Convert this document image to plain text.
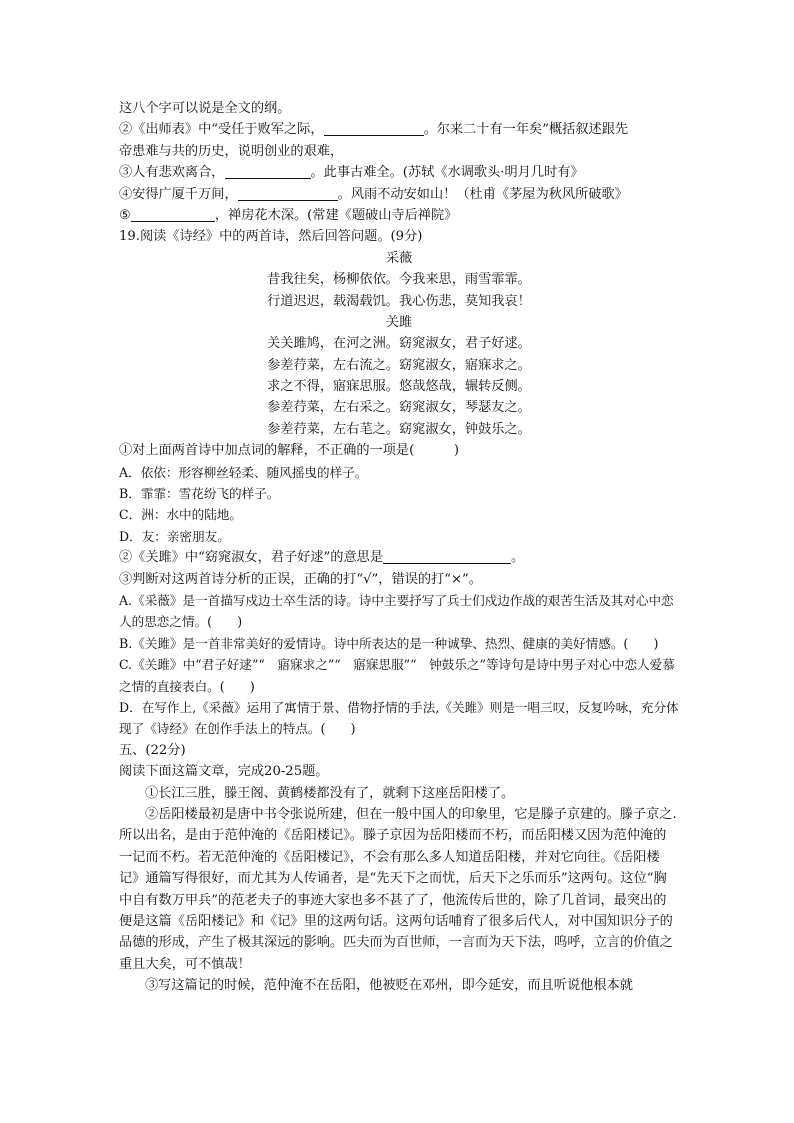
这八个字可以说是全文的纲。
②《出师表》中“受任于败军之际，	。尔来二十有一年矣”概括叙述跟先
帝患难与共的历史，说明创业的艰难，
③人有悲欢离合，	。此事古难全。(苏轼《水调歌头·明月几时有》
④安得广厦千万间，	。风雨不动安如山！（杜甫《茅屋为秋风所破歌》
⑤	，禅房花木深。(常建《题破山寺后禅院》
19.阅读《诗经》中的两首诗，然后回答问题。(9分)
采薇
昔我往矣，杨柳依依。今我来思，雨雪霏霏。
行道迟迟，载渴载饥。我心伤悲，莫知我哀！
关雎
关关雎鸠，在河之洲。窈窕淑女，君子好逑。
参差荇菜，左右流之。窈窕淑女，寤寐求之。
求之不得，寤寐思服。悠哉悠哉，辗转反侧。
参差荇菜，左右采之。窈窕淑女，琴瑟友之。
参差荇菜，左右芼之。窈窕淑女，钟鼓乐之。
①对上面两首诗中加点词的解释，不正确的一项是(　　　)
A．依依：形容柳丝轻柔、随风摇曳的样子。
B．霏霏：雪花纷飞的样子。
C．洲：水中的陆地。
D．友：亲密朋友。
②《关雎》中“窈窕淑女，君子好逑”的意思是	。
③判断对这两首诗分析的正误，正确的打“√”，错误的打“×”。
A.《采薇》是一首描写戍边士卒生活的诗。诗中主要抒写了兵士们戍边作战的艰苦生活及其对心中恋人的思恋之情。(　　)
B.《关雎》是一首非常美好的爱情诗。诗中所表达的是一种诚挚、热烈、健康的美好情感。(　　)
C.《关雎》中“君子好逑”“　寤寐求之”“　寤寐思服”“　钟鼓乐之”等诗句是诗中男子对心中恋人爱慕之情的直接表白。(　　)
D．在写作上,《采薇》运用了寓情于景、借物抒情的手法,《关雎》则是一唱三叹，反复吟咏，充分体现了《诗经》在创作手法上的特点。(　　)
五、(22分)
阅读下面这篇文章，完成20-25题。
①长江三胜，滕王阁、黄鹤楼都没有了，就剩下这座岳阳楼了。
②岳阳楼最初是唐中书令张说所建，但在一般中国人的印象里，它是滕子京建的。滕子京之.所以出名，是由于范仲淹的《岳阳楼记》。滕子京因为岳阳楼而不朽，而岳阳楼又因为范仲淹的一记而不朽。若无范仲淹的《岳阳楼记》，不会有那么多人知道岳阳楼，并对它向往。《岳阳楼记》通篇写得很好，而尤其为人传诵者，是“先天下之而忧，后天下之乐而乐”这两句。这位“胸中自有数万甲兵”的范老夫子的事迹大家也多不甚了了，他流传后世的，除了几首词，最突出的便是这篇《岳阳楼记》和《记》里的这两句话。这两句话哺育了很多后代人，对中国知识分子的品德的形成，产生了极其深远的影响。匹夫而为百世师，一言而为天下法，呜呼，立言的价值之重且大矣，可不慎哉！
③写这篇记的时候，范仲淹不在岳阳，他被贬在邓州，即今延安，而且听说他根本就
